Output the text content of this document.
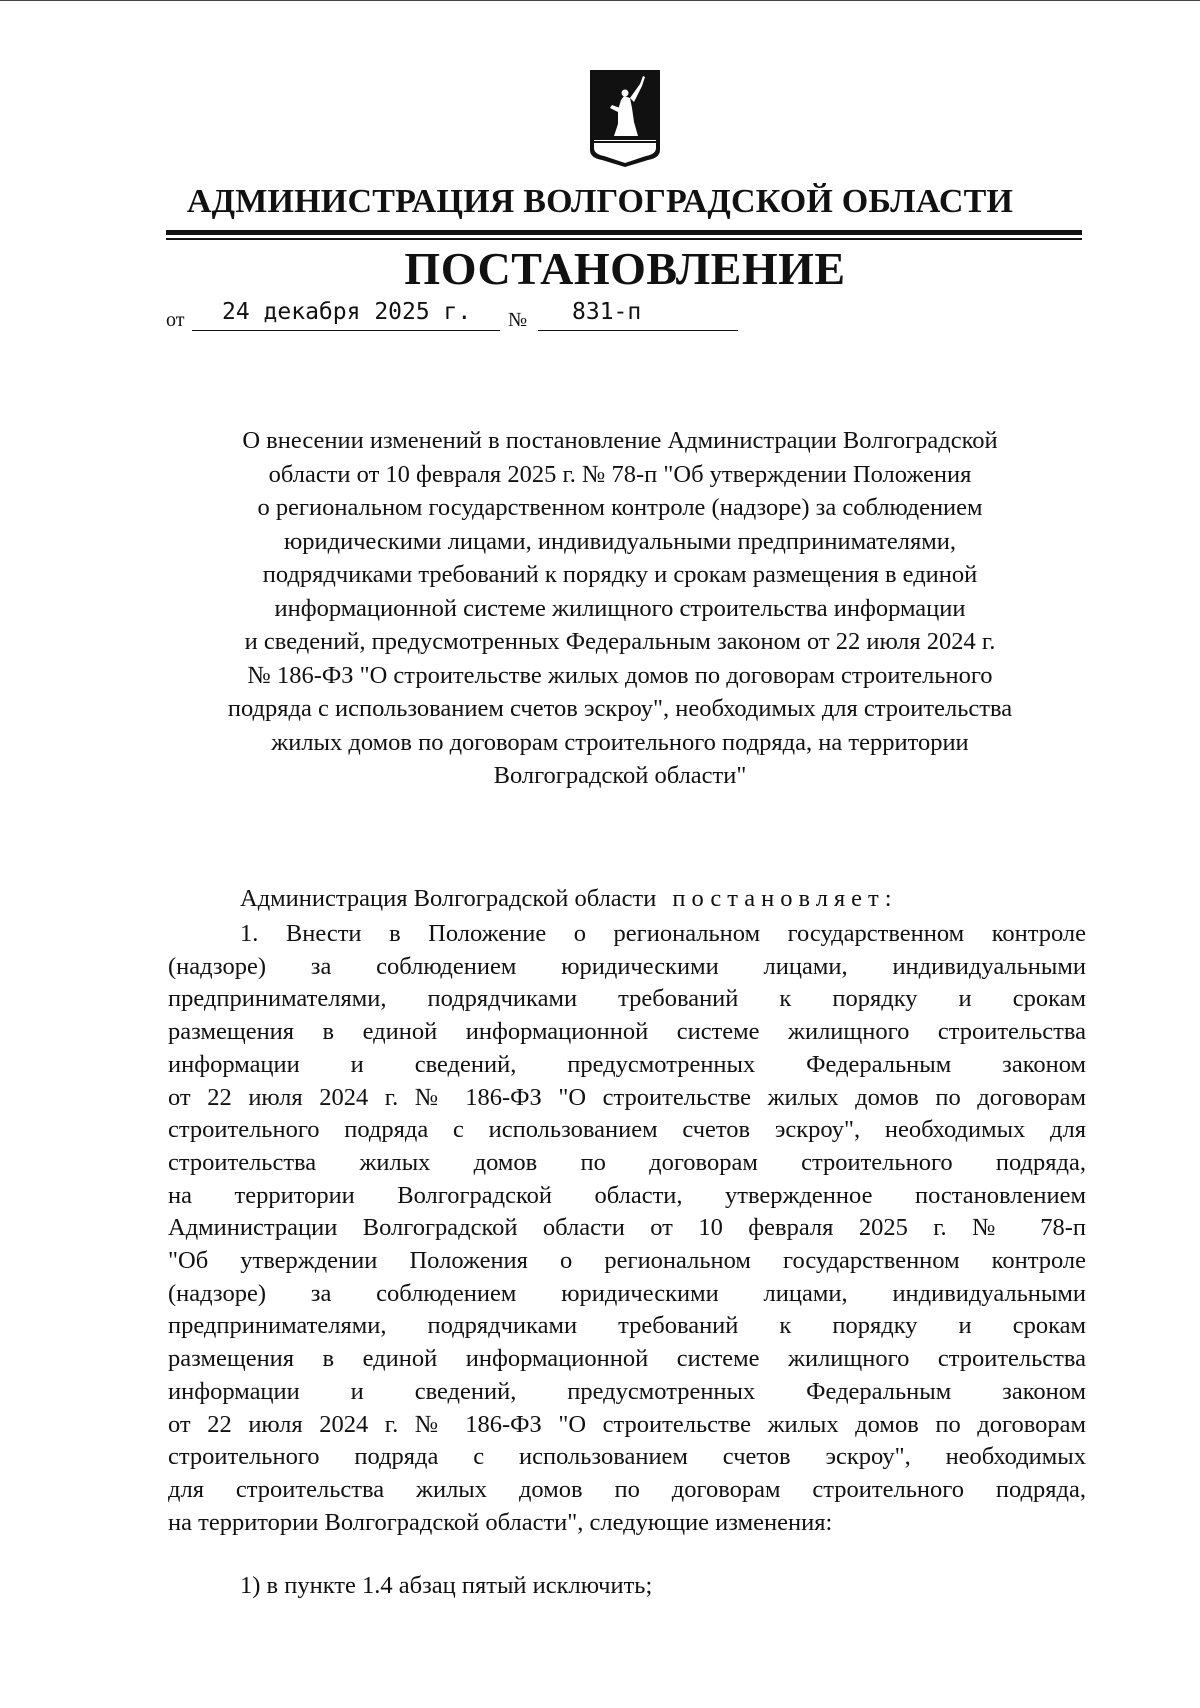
АДМИНИСТРАЦИЯ ВОЛГОГРАДСКОЙ ОБЛАСТИ
ПОСТАНОВЛЕНИЕ
от	24 декабря 2025 г.	№	831-п
О внесении изменений в постановление Администрации Волгоградской
области от 10 февраля 2025 г. № 78-п "Об утверждении Положения
о региональном государственном контроле (надзоре) за соблюдением
юридическими лицами, индивидуальными предпринимателями,
подрядчиками требований к порядку и срокам размещения в единой
информационной системе жилищного строительства информации
и сведений, предусмотренных Федеральным законом от 22 июля 2024 г.
№ 186-ФЗ "О строительстве жилых домов по договорам строительного
подряда с использованием счетов эскроу", необходимых для строительства
жилых домов по договорам строительного подряда, на территории
Волгоградской области"
Администрация Волгоградской области постановляет:
1. Внести в Положение о региональном государственном контроле
(надзоре) за соблюдением юридическими лицами, индивидуальными
предпринимателями, подрядчиками требований к порядку и срокам
размещения в единой информационной системе жилищного строительства
информации и сведений, предусмотренных Федеральным законом
от 22 июля 2024 г. № 186-ФЗ "О строительстве жилых домов по договорам
строительного подряда с использованием счетов эскроу", необходимых для
строительства жилых домов по договорам строительного подряда,
на территории Волгоградской области, утвержденное постановлением
Администрации Волгоградской области от 10 февраля 2025 г. № 78-п
"Об утверждении Положения о региональном государственном контроле
(надзоре) за соблюдением юридическими лицами, индивидуальными
предпринимателями, подрядчиками требований к порядку и срокам
размещения в единой информационной системе жилищного строительства
информации и сведений, предусмотренных Федеральным законом
от 22 июля 2024 г. № 186-ФЗ "О строительстве жилых домов по договорам
строительного подряда с использованием счетов эскроу", необходимых
для строительства жилых домов по договорам строительного подряда,
на территории Волгоградской области", следующие изменения:
1) в пункте 1.4 абзац пятый исключить;
